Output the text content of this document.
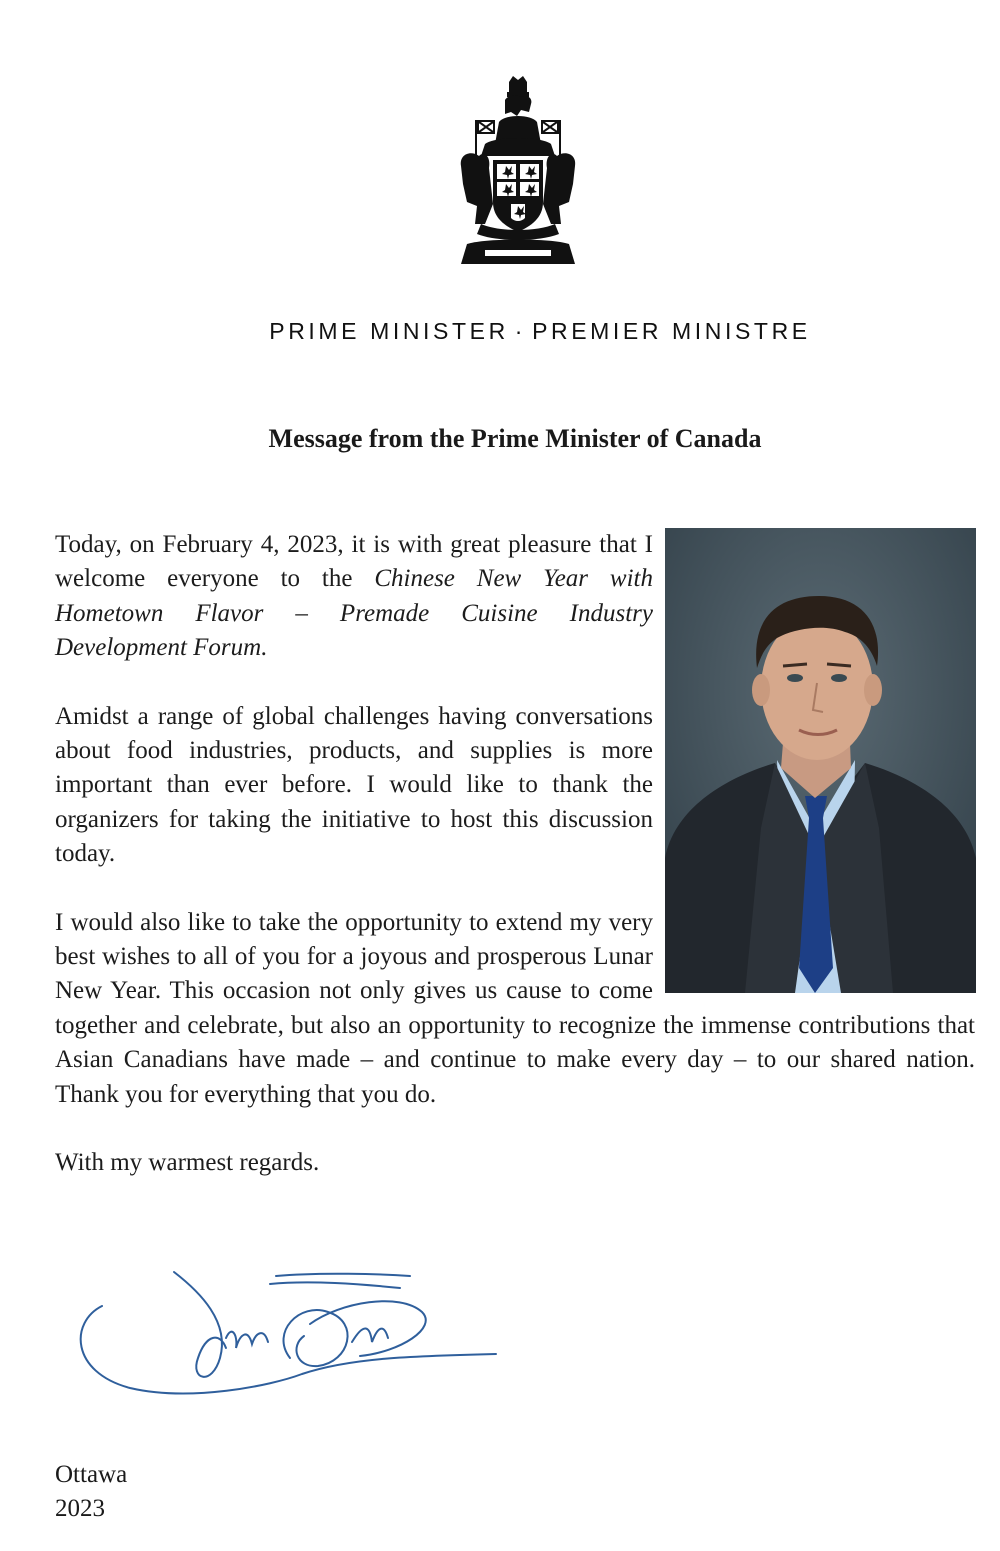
PRIME MINISTER · PREMIER MINISTRE
Message from the Prime Minister of Canada

Today, on February 4, 2023, it is with great pleasure that I welcome everyone to the Chinese New Year with Hometown Flavor – Premade Cuisine Industry Development Forum.

Amidst a range of global challenges having conversations about food industries, products, and supplies is more important than ever before. I would like to thank the organizers for taking the initiative to host this discussion today.

I would also like to take the opportunity to extend my very best wishes to all of you for a joyous and prosperous Lunar New Year. This occasion not only gives us cause to come together and celebrate, but also an opportunity to recognize the immense contributions that Asian Canadians have made – and continue to make every day – to our shared nation. Thank you for everything that you do.

With my warmest regards.

Ottawa
2023
